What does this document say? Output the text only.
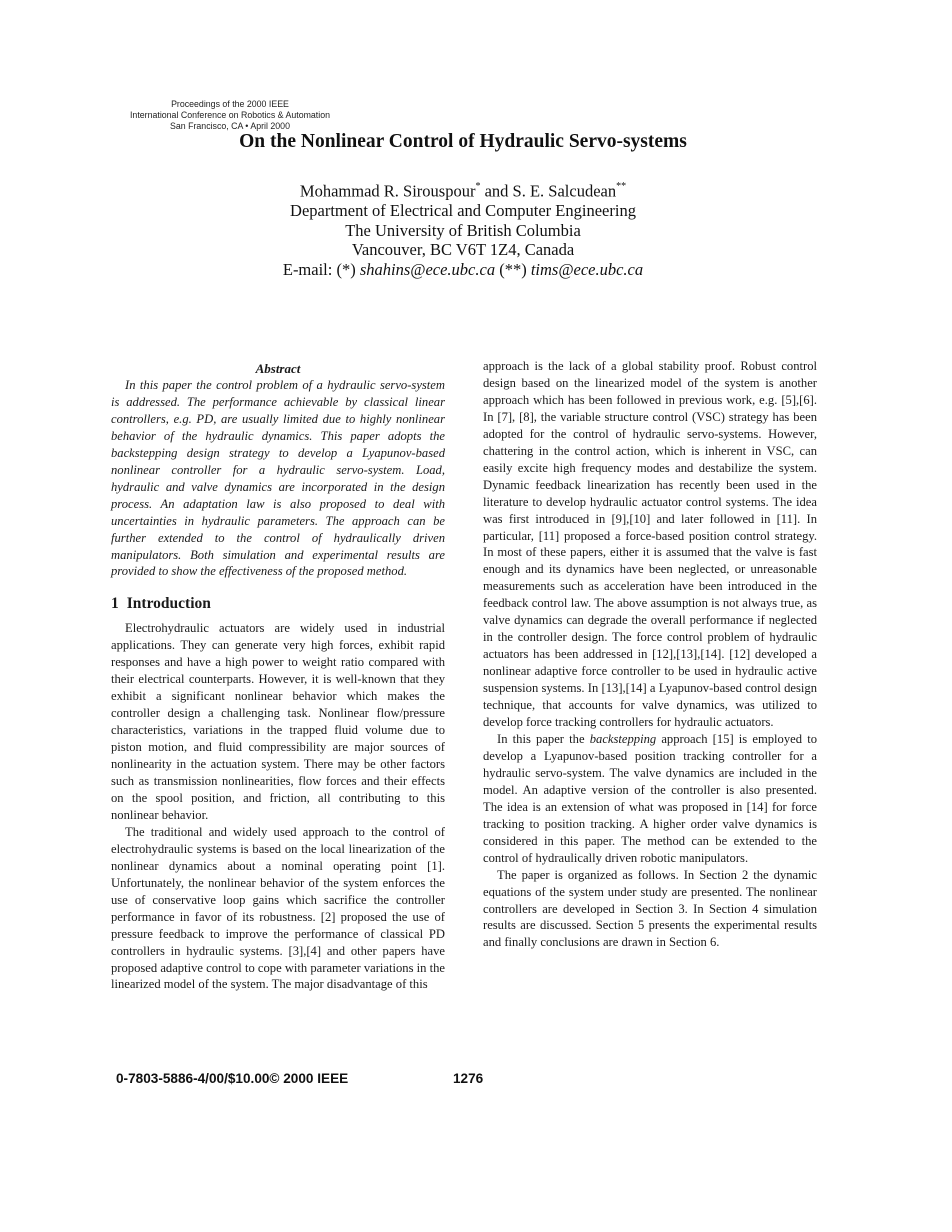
Proceedings of the 2000 IEEE
International Conference on Robotics & Automation
San Francisco, CA • April 2000
On the Nonlinear Control of Hydraulic Servo-systems
Mohammad R. Sirouspour* and S. E. Salcudean**
Department of Electrical and Computer Engineering
The University of British Columbia
Vancouver, BC V6T 1Z4, Canada
E-mail: (*) shahins@ece.ubc.ca (**) tims@ece.ubc.ca
Abstract

In this paper the control problem of a hydraulic servo-system is addressed. The performance achievable by classical linear controllers, e.g. PD, are usually limited due to highly nonlinear behavior of the hydraulic dynamics. This paper adopts the backstepping design strategy to develop a Lyapunov-based nonlinear controller for a hydraulic servo-system. Load, hydraulic and valve dynamics are incorporated in the design process. An adaptation law is also proposed to deal with uncertainties in hydraulic parameters. The approach can be further extended to the control of hydraulically driven manipulators. Both simulation and experimental results are provided to show the effectiveness of the proposed method.

1 Introduction

Electrohydraulic actuators are widely used in industrial applications. They can generate very high forces, exhibit rapid responses and have a high power to weight ratio compared with their electrical counterparts. However, it is well-known that they exhibit a significant nonlinear behavior which makes the controller design a challenging task. Nonlinear flow/pressure characteristics, variations in the trapped fluid volume due to piston motion, and fluid compressibility are major sources of nonlinearity in the actuation system. There may be other factors such as transmission nonlinearities, flow forces and their effects on the spool position, and friction, all contributing to this nonlinear behavior.

The traditional and widely used approach to the control of electrohydraulic systems is based on the local linearization of the nonlinear dynamics about a nominal operating point [1]. Unfortunately, the nonlinear behavior of the system enforces the use of conservative loop gains which sacrifice the controller performance in favor of its robustness. [2] proposed the use of pressure feedback to improve the performance of classical PD controllers in hydraulic systems. [3],[4] and other papers have proposed adaptive control to cope with parameter variations in the linearized model of the system. The major disadvantage of this

approach is the lack of a global stability proof. Robust control design based on the linearized model of the system is another approach which has been followed in previous work, e.g. [5],[6]. In [7], [8], the variable structure control (VSC) strategy has been adopted for the control of hydraulic servo-systems. However, chattering in the control action, which is inherent in VSC, can easily excite high frequency modes and destabilize the system. Dynamic feedback linearization has recently been used in the literature to develop hydraulic actuator control systems. The idea was first introduced in [9],[10] and later followed in [11]. In particular, [11] proposed a force-based position control strategy. In most of these papers, either it is assumed that the valve is fast enough and its dynamics have been neglected, or unreasonable measurements such as acceleration have been introduced in the feedback control law. The above assumption is not always true, as valve dynamics can degrade the overall performance if neglected in the controller design. The force control problem of hydraulic actuators has been addressed in [12],[13],[14]. [12] developed a nonlinear adaptive force controller to be used in hydraulic active suspension systems. In [13],[14] a Lyapunov-based control design technique, that accounts for valve dynamics, was utilized to develop force tracking controllers for hydraulic actuators.

In this paper the backstepping approach [15] is employed to develop a Lyapunov-based position tracking controller for a hydraulic servo-system. The valve dynamics are included in the model. An adaptive version of the controller is also presented. The idea is an extension of what was proposed in [14] for force tracking to position tracking. A higher order valve dynamics is considered in this paper. The method can be extended to the control of hydraulically driven robotic manipulators.

The paper is organized as follows. In Section 2 the dynamic equations of the system under study are presented. The nonlinear controllers are developed in Section 3. In Section 4 simulation results are discussed. Section 5 presents the experimental results and finally conclusions are drawn in Section 6.

0-7803-5886-4/00/$10.00© 2000 IEEE	1276
